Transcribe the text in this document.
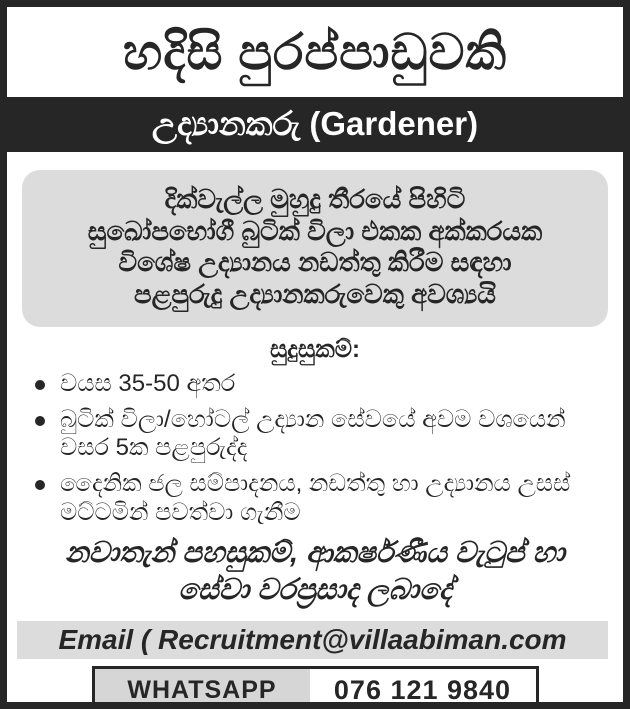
හදිසි පුරප්පාඩුවකි
උද්‍යානකරු (Gardener)
දික්වැල්ල මුහුදු තීරයේ පිහිටි
සුඛෝපභෝගී බුටික් විලා එකක අක්කරයක
විශේෂ උද්‍යානය නඩත්තු කිරීම සඳහා
පළපුරුදු උද්‍යානකරුවෙකු අවශ්‍යයි
සුදුසුකම්:
වයස 35-50 අතර
බුටික් විලා/හෝටල් උද්‍යාන සේවයේ අවම වශයෙන් වසර 5ක පළපුරුද්ද
දෛනික ජල සම්පාදනය, නඩත්තු හා උද්‍යානය උසස් මට්ටමින් පවත්වා ගැනීම
නවාතැන් පහසුකම්, ආකර්ෂණීය වැටුප් හා
සේවා වරප්‍රසාද ලබාදේ
Email ( Recruitment@villaabiman.com
WHATSAPP	076 121 9840
